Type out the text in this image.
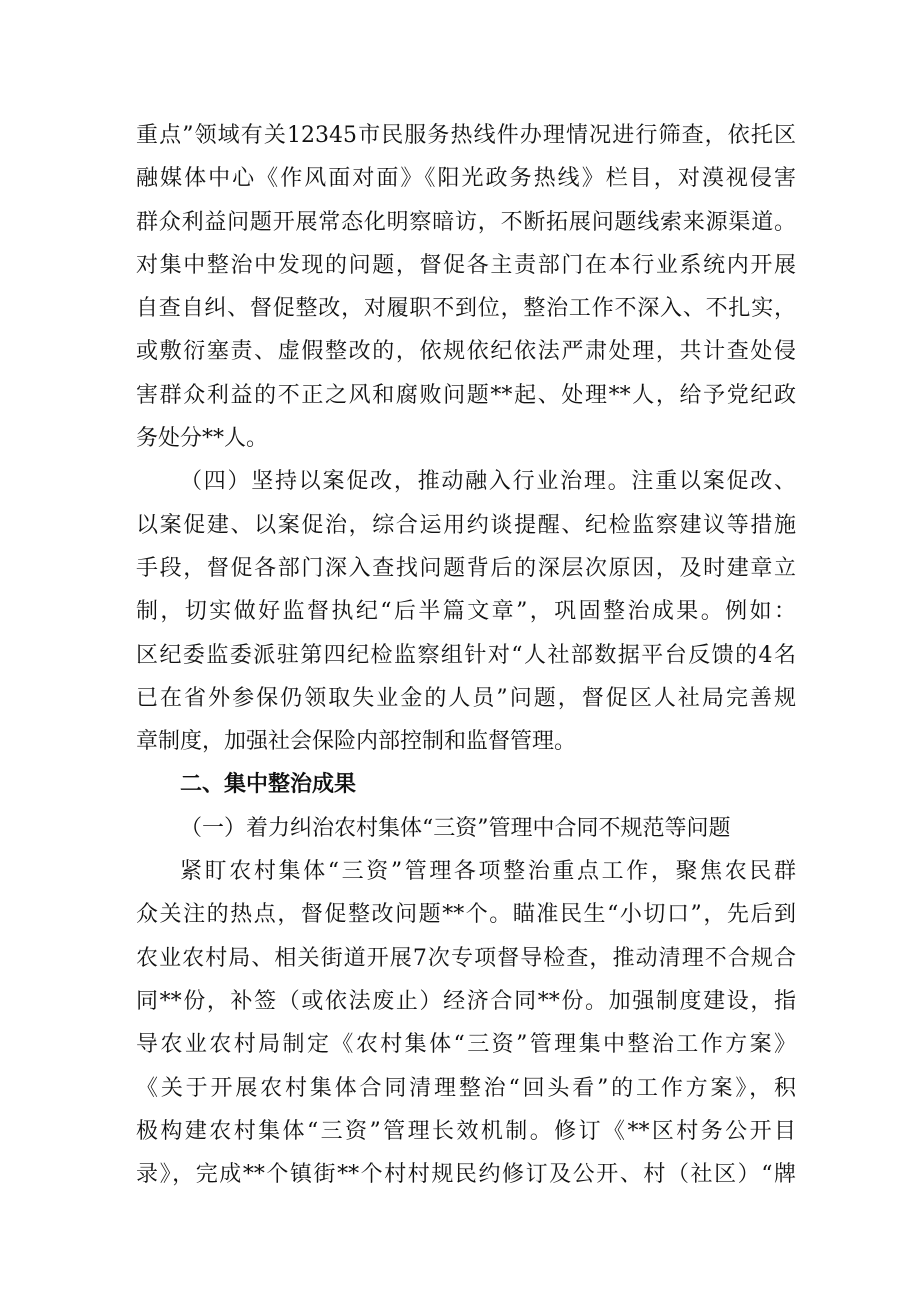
重点”领域有关12345市民服务热线件办理情况进行筛查，依托区
融媒体中心《作风面对面》《阳光政务热线》栏目，对漠视侵害
群众利益问题开展常态化明察暗访，不断拓展问题线索来源渠道。
对集中整治中发现的问题，督促各主责部门在本行业系统内开展
自查自纠、督促整改，对履职不到位，整治工作不深入、不扎实，
或敷衍塞责、虚假整改的，依规依纪依法严肃处理，共计查处侵
害群众利益的不正之风和腐败问题**起、处理**人，给予党纪政
务处分**人。
（四）坚持以案促改，推动融入行业治理。注重以案促改、
以案促建、以案促治，综合运用约谈提醒、纪检监察建议等措施
手段，督促各部门深入查找问题背后的深层次原因，及时建章立
制，切实做好监督执纪“后半篇文章”，巩固整治成果。例如：
区纪委监委派驻第四纪检监察组针对“人社部数据平台反馈的4名
已在省外参保仍领取失业金的人员”问题，督促区人社局完善规
章制度，加强社会保险内部控制和监督管理。
二、集中整治成果
（一）着力纠治农村集体“三资”管理中合同不规范等问题
紧盯农村集体“三资”管理各项整治重点工作，聚焦农民群
众关注的热点，督促整改问题**个。瞄准民生“小切口”，先后到
农业农村局、相关街道开展7次专项督导检查，推动清理不合规合
同**份，补签（或依法废止）经济合同**份。加强制度建设，指
导农业农村局制定《农村集体“三资”管理集中整治工作方案》
《关于开展农村集体合同清理整治“回头看”的工作方案》，积
极构建农村集体“三资”管理长效机制。修订《**区村务公开目
录》，完成**个镇街**个村村规民约修订及公开、村（社区）“牌
